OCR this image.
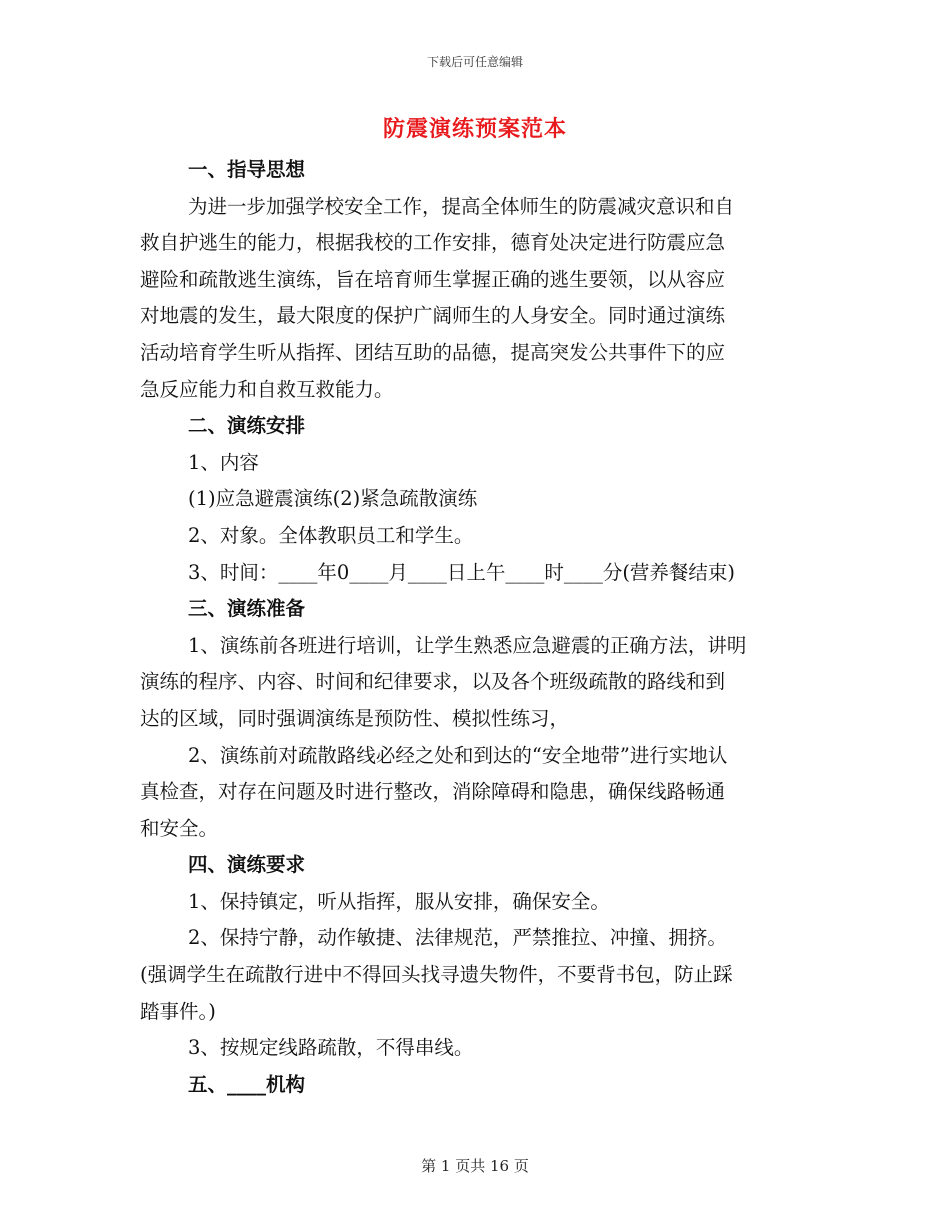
下载后可任意编辑
防震演练预案范本
一、指导思想
为进一步加强学校安全工作，提高全体师生的防震减灾意识和自
救自护逃生的能力，根据我校的工作安排，德育处决定进行防震应急
避险和疏散逃生演练，旨在培育师生掌握正确的逃生要领，以从容应
对地震的发生，最大限度的保护广阔师生的人身安全。同时通过演练
活动培育学生听从指挥、团结互助的品德，提高突发公共事件下的应
急反应能力和自救互救能力。
二、演练安排
1、内容
(1)应急避震演练(2)紧急疏散演练
2、对象。全体教职员工和学生。
3、时间：____年0____月____日上午____时____分(营养餐结束)
三、演练准备
1、演练前各班进行培训，让学生熟悉应急避震的正确方法，讲明
演练的程序、内容、时间和纪律要求，以及各个班级疏散的路线和到
达的区域，同时强调演练是预防性、模拟性练习，
2、演练前对疏散路线必经之处和到达的“安全地带”进行实地认
真检查，对存在问题及时进行整改，消除障碍和隐患，确保线路畅通
和安全。
四、演练要求
1、保持镇定，听从指挥，服从安排，确保安全。
2、保持宁静，动作敏捷、法律规范，严禁推拉、冲撞、拥挤。
(强调学生在疏散行进中不得回头找寻遗失物件，不要背书包，防止踩
踏事件。)
3、按规定线路疏散，不得串线。
五、____机构
第 1 页共 16 页
